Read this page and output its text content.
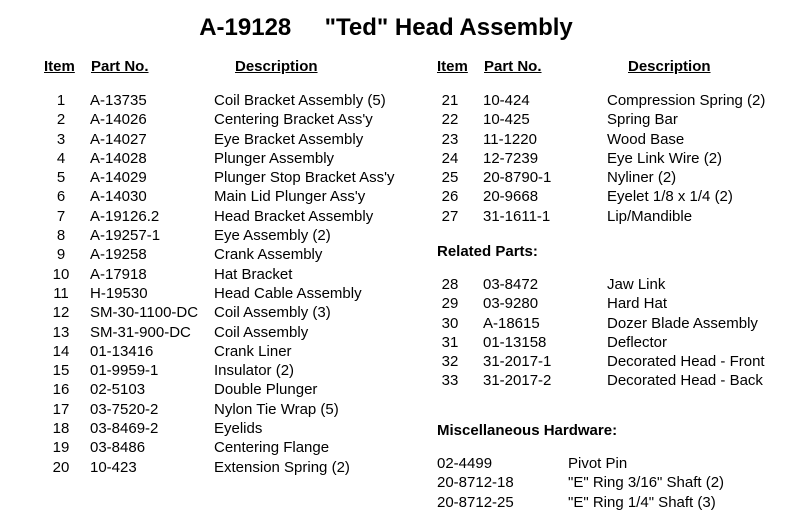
A-19128     "Ted" Head Assembly
Item Part No.	Description	Item Part No.	Description
1	A-13735	Coil Bracket Assembly (5)
2	A-14026	Centering Bracket Ass'y
3	A-14027	Eye Bracket Assembly
4	A-14028	Plunger Assembly
5	A-14029	Plunger Stop Bracket Ass'y
6	A-14030	Main Lid Plunger Ass'y
7	A-19126.2	Head Bracket Assembly
8	A-19257-1	Eye Assembly (2)
9	A-19258	Crank Assembly
10	A-17918	Hat Bracket
11	H-19530	Head Cable Assembly
12	SM-30-1100-DC Coil Assembly (3)
13	SM-31-900-DC Coil Assembly
14	01-13416	Crank Liner
15	01-9959-1	Insulator (2)
16	02-5103	Double Plunger
17	03-7520-2	Nylon Tie Wrap (5)
18	03-8469-2	Eyelids
19	03-8486	Centering Flange
20	10-423	Extension Spring (2)
21	10-424	Compression Spring (2)
22	10-425	Spring Bar
23	11-1220	Wood Base
24	12-7239	Eye Link Wire (2)
25	20-8790-1	Nyliner (2)
26	20-9668	Eyelet 1/8 x 1/4 (2)
27	31-1611-1	Lip/Mandible
Related Parts:
28	03-8472	Jaw Link
29	03-9280	Hard Hat
30	A-18615	Dozer Blade Assembly
31	01-13158	Deflector
32	31-2017-1	Decorated Head - Front
33	31-2017-2	Decorated Head - Back
Miscellaneous Hardware:
02-4499	Pivot Pin
20-8712-18	"E" Ring 3/16" Shaft (2)
20-8712-25	"E" Ring 1/4" Shaft (3)
